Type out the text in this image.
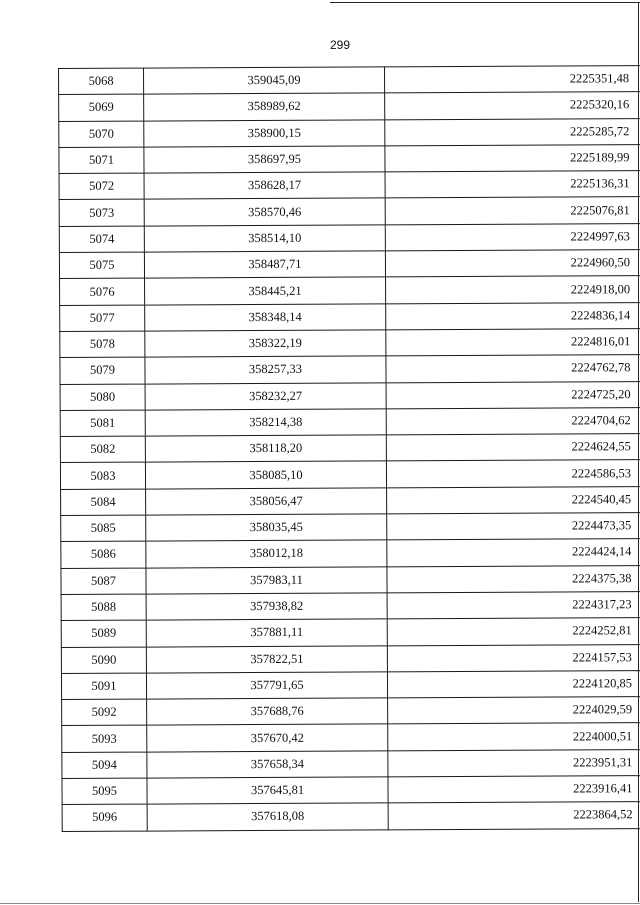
299
5068	359045,09	2225351,48
5069	358989,62	2225320,16
5070	358900,15	2225285,72
5071	358697,95	2225189,99
5072	358628,17	2225136,31
5073	358570,46	2225076,81
5074	358514,10	2224997,63
5075	358487,71	2224960,50
5076	358445,21	2224918,00
5077	358348,14	2224836,14
5078	358322,19	2224816,01
5079	358257,33	2224762,78
5080	358232,27	2224725,20
5081	358214,38	2224704,62
5082	358118,20	2224624,55
5083	358085,10	2224586,53
5084	358056,47	2224540,45
5085	358035,45	2224473,35
5086	358012,18	2224424,14
5087	357983,11	2224375,38
5088	357938,82	2224317,23
5089	357881,11	2224252,81
5090	357822,51	2224157,53
5091	357791,65	2224120,85
5092	357688,76	2224029,59
5093	357670,42	2224000,51
5094	357658,34	2223951,31
5095	357645,81	2223916,41
5096	357618,08	2223864,52
